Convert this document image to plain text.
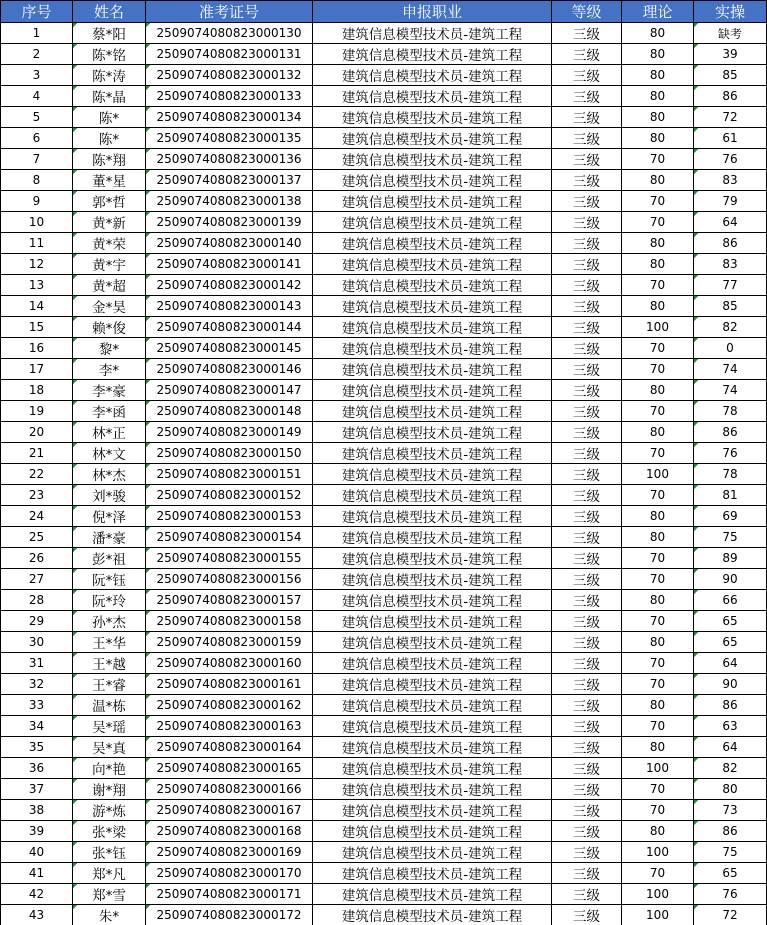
序号	姓名	准考证号	申报职业	等级	理论	实操
1	蔡*阳	2509074080823000130	建筑信息模型技术员-建筑工程	三级	80	缺考
2	陈*铭	2509074080823000131	建筑信息模型技术员-建筑工程	三级	80	39
3	陈*涛	2509074080823000132	建筑信息模型技术员-建筑工程	三级	80	85
4	陈*晶	2509074080823000133	建筑信息模型技术员-建筑工程	三级	80	86
5	陈*	2509074080823000134	建筑信息模型技术员-建筑工程	三级	80	72
6	陈*	2509074080823000135	建筑信息模型技术员-建筑工程	三级	80	61
7	陈*翔	2509074080823000136	建筑信息模型技术员-建筑工程	三级	70	76
8	董*星	2509074080823000137	建筑信息模型技术员-建筑工程	三级	80	83
9	郭*哲	2509074080823000138	建筑信息模型技术员-建筑工程	三级	70	79
10	黄*新	2509074080823000139	建筑信息模型技术员-建筑工程	三级	70	64
11	黄*荣	2509074080823000140	建筑信息模型技术员-建筑工程	三级	80	86
12	黄*宇	2509074080823000141	建筑信息模型技术员-建筑工程	三级	80	83
13	黄*超	2509074080823000142	建筑信息模型技术员-建筑工程	三级	70	77
14	金*昊	2509074080823000143	建筑信息模型技术员-建筑工程	三级	80	85
15	赖*俊	2509074080823000144	建筑信息模型技术员-建筑工程	三级	100	82
16	黎*	2509074080823000145	建筑信息模型技术员-建筑工程	三级	70	0
17	李*	2509074080823000146	建筑信息模型技术员-建筑工程	三级	70	74
18	李*豪	2509074080823000147	建筑信息模型技术员-建筑工程	三级	80	74
19	李*函	2509074080823000148	建筑信息模型技术员-建筑工程	三级	70	78
20	林*正	2509074080823000149	建筑信息模型技术员-建筑工程	三级	80	86
21	林*文	2509074080823000150	建筑信息模型技术员-建筑工程	三级	70	76
22	林*杰	2509074080823000151	建筑信息模型技术员-建筑工程	三级	100	78
23	刘*骏	2509074080823000152	建筑信息模型技术员-建筑工程	三级	70	81
24	倪*泽	2509074080823000153	建筑信息模型技术员-建筑工程	三级	80	69
25	潘*豪	2509074080823000154	建筑信息模型技术员-建筑工程	三级	80	75
26	彭*祖	2509074080823000155	建筑信息模型技术员-建筑工程	三级	70	89
27	阮*钰	2509074080823000156	建筑信息模型技术员-建筑工程	三级	70	90
28	阮*玲	2509074080823000157	建筑信息模型技术员-建筑工程	三级	80	66
29	孙*杰	2509074080823000158	建筑信息模型技术员-建筑工程	三级	70	65
30	王*华	2509074080823000159	建筑信息模型技术员-建筑工程	三级	80	65
31	王*越	2509074080823000160	建筑信息模型技术员-建筑工程	三级	70	64
32	王*睿	2509074080823000161	建筑信息模型技术员-建筑工程	三级	70	90
33	温*栋	2509074080823000162	建筑信息模型技术员-建筑工程	三级	80	86
34	吴*瑶	2509074080823000163	建筑信息模型技术员-建筑工程	三级	70	63
35	吴*真	2509074080823000164	建筑信息模型技术员-建筑工程	三级	80	64
36	向*艳	2509074080823000165	建筑信息模型技术员-建筑工程	三级	100	82
37	谢*翔	2509074080823000166	建筑信息模型技术员-建筑工程	三级	70	80
38	游*炼	2509074080823000167	建筑信息模型技术员-建筑工程	三级	70	73
39	张*梁	2509074080823000168	建筑信息模型技术员-建筑工程	三级	80	86
40	张*钰	2509074080823000169	建筑信息模型技术员-建筑工程	三级	100	75
41	郑*凡	2509074080823000170	建筑信息模型技术员-建筑工程	三级	70	65
42	郑*雪	2509074080823000171	建筑信息模型技术员-建筑工程	三级	100	76
43	朱*	2509074080823000172	建筑信息模型技术员-建筑工程	三级	100	72
